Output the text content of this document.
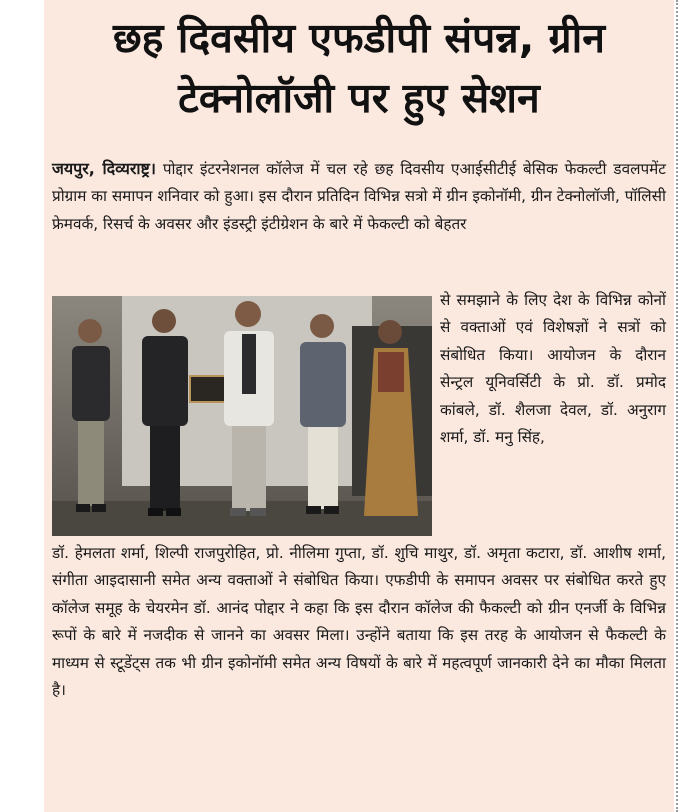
छह दिवसीय एफडीपी संपन्न, ग्रीन
टेक्नोलॉजी पर हुए सेशन

जयपुर, दिव्यराष्ट्र। पोद्दार इंटरनेशनल कॉलेज में चल रहे छह दिवसीय एआईसीटीई बेसिक फेकल्टी डवलपमेंट प्रोग्राम का समापन शनिवार को हुआ। इस दौरान प्रतिदिन विभिन्न सत्रो में ग्रीन इकोनॉमी, ग्रीन टेक्नोलॉजी, पॉलिसी फ्रेमवर्क, रिसर्च के अवसर और इंडस्ट्री इंटीग्रेशन के बारे में फेकल्टी को बेहतर

से समझाने के लिए देश के विभिन्न कोनों से वक्ताओं एवं विशेषज्ञों ने सत्रों को संबोधित किया। आयोजन के दौरान सेन्ट्रल यूनिवर्सिटी के प्रो. डॉ. प्रमोद कांबले, डॉ. शैलजा देवल, डॉ. अनुराग शर्मा, डॉ. मनु सिंह,

डॉ. हेमलता शर्मा, शिल्पी राजपुरोहित, प्रो. नीलिमा गुप्ता, डॉ. शुचि माथुर, डॉ. अमृता कटारा, डॉ. आशीष शर्मा, संगीता आइदासानी समेत अन्य वक्ताओं ने संबोधित किया। एफडीपी के समापन अवसर पर संबोधित करते हुए कॉलेज समूह के चेयरमेन डॉ. आनंद पोद्दार ने कहा कि इस दौरान कॉलेज की फैकल्टी को ग्रीन एनर्जी के विभिन्न रूपों के बारे में नजदीक से जानने का अवसर मिला। उन्होंने बताया कि इस तरह के आयोजन से फैकल्टी के माध्यम से स्टूडेंट्स तक भी ग्रीन इकोनॉमी समेत अन्य विषयों के बारे में महत्वपूर्ण जानकारी देने का मौका मिलता है।
